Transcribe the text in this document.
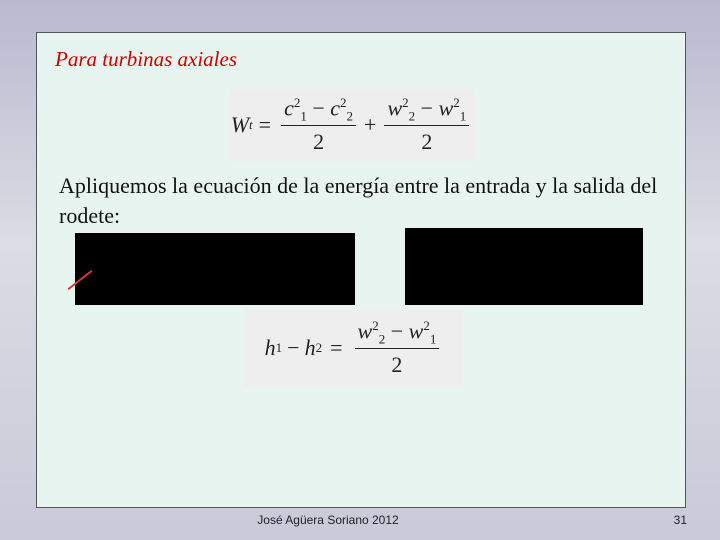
Para turbinas axiales
W $t = \frac{c^2_1 - c^2_2}{2} + \frac{w^2_2 - w^2_1}{2}$
Apliquemos la ecuación de la energía entre la entrada y la salida del rodete:
h 1 − h $2 = \frac{w^2_2 - w^2_1}{2}$
José Agüera Soriano 2012	31
